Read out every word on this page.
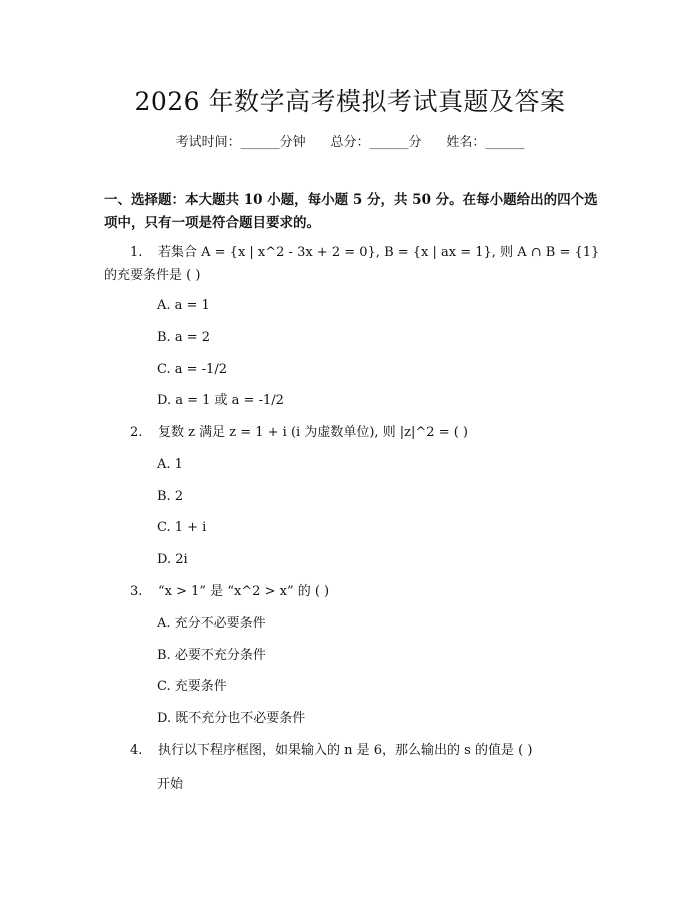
2026 年数学高考模拟考试真题及答案
考试时间：______分钟 总分：______分 姓名：______
一、选择题：本大题共 10 小题，每小题 5 分，共 50 分。在每小题给出的四个选项中，只有一项是符合题目要求的。
1. 若集合 A = {x | x^2 - 3x + 2 = 0}, B = {x | ax = 1}, 则 A ∩ B = {1} 的充要条件是 ( )
A. a = 1
B. a = 2
C. a = -1/2
D. a = 1 或 a = -1/2
2. 复数 z 满足 z = 1 + i (i 为虚数单位), 则 |z|^2 = ( )
A. 1
B. 2
C. 1 + i
D. 2i
3. “x > 1” 是 “x^2 > x” 的 ( )
A. 充分不必要条件
B. 必要不充分条件
C. 充要条件
D. 既不充分也不必要条件
4. 执行以下程序框图，如果输入的 n 是 6，那么输出的 s 的值是 ( )
开始
